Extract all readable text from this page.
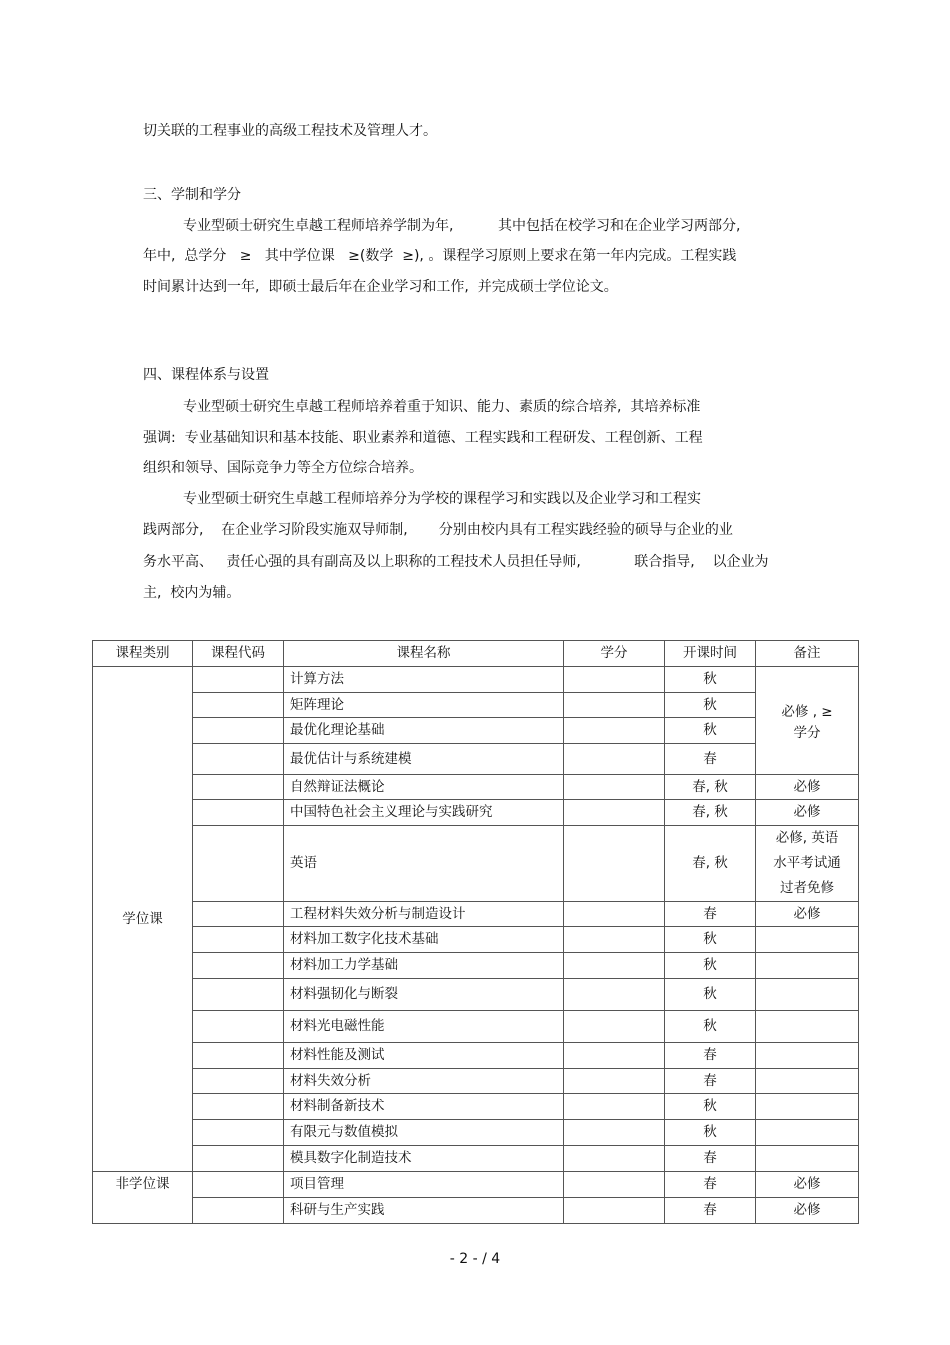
切关联的工程事业的高级工程技术及管理人才。
三、学制和学分
专业型硕士研究生卓越工程师培养学制为年,          其中包括在校学习和在企业学习两部分,
年中,  总学分   ≥   其中学位课   ≥(数学  ≥), 。课程学习原则上要求在第一年内完成。工程实践
时间累计达到一年,  即硕士最后年在企业学习和工作,  并完成硕士学位论文。
四、课程体系与设置
专业型硕士研究生卓越工程师培养着重于知识、能力、素质的综合培养,  其培养标准
强调:  专业基础知识和基本技能、职业素养和道德、工程实践和工程研发、工程创新、工程
组织和领导、国际竞争力等全方位综合培养。
专业型硕士研究生卓越工程师培养分为学校的课程学习和实践以及企业学习和工程实
践两部分,    在企业学习阶段实施双导师制,       分别由校内具有工程实践经验的硕导与企业的业
务水平高、   责任心强的具有副高及以上职称的工程技术人员担任导师,            联合指导,    以企业为
主,  校内为辅。
课程类别	课程代码	课程名称	学分	开课时间	备注
学位课		计算方法		秋	必修 , ≥
学分

		矩阵理论		秋	
		最优化理论基础		秋	
		最优估计与系统建模		春	
		自然辩证法概论		春, 秋	必修
		中国特色社会主义理论与实践研究		春, 秋	必修
		英语		春, 秋	必修, 英语
水平考试通
过者免修

		工程材料失效分析与制造设计		春	必修
		材料加工数字化技术基础		秋	
		材料加工力学基础		秋	
		材料强韧化与断裂		秋	
		材料光电磁性能		秋	
		材料性能及测试		春	
		材料失效分析		春	
		材料制备新技术		秋	
		有限元与数值模拟		秋	
		模具数字化制造技术		春	
非学位课		项目管理		春	必修
		科研与生产实践		春	必修
- 2 - / 4
